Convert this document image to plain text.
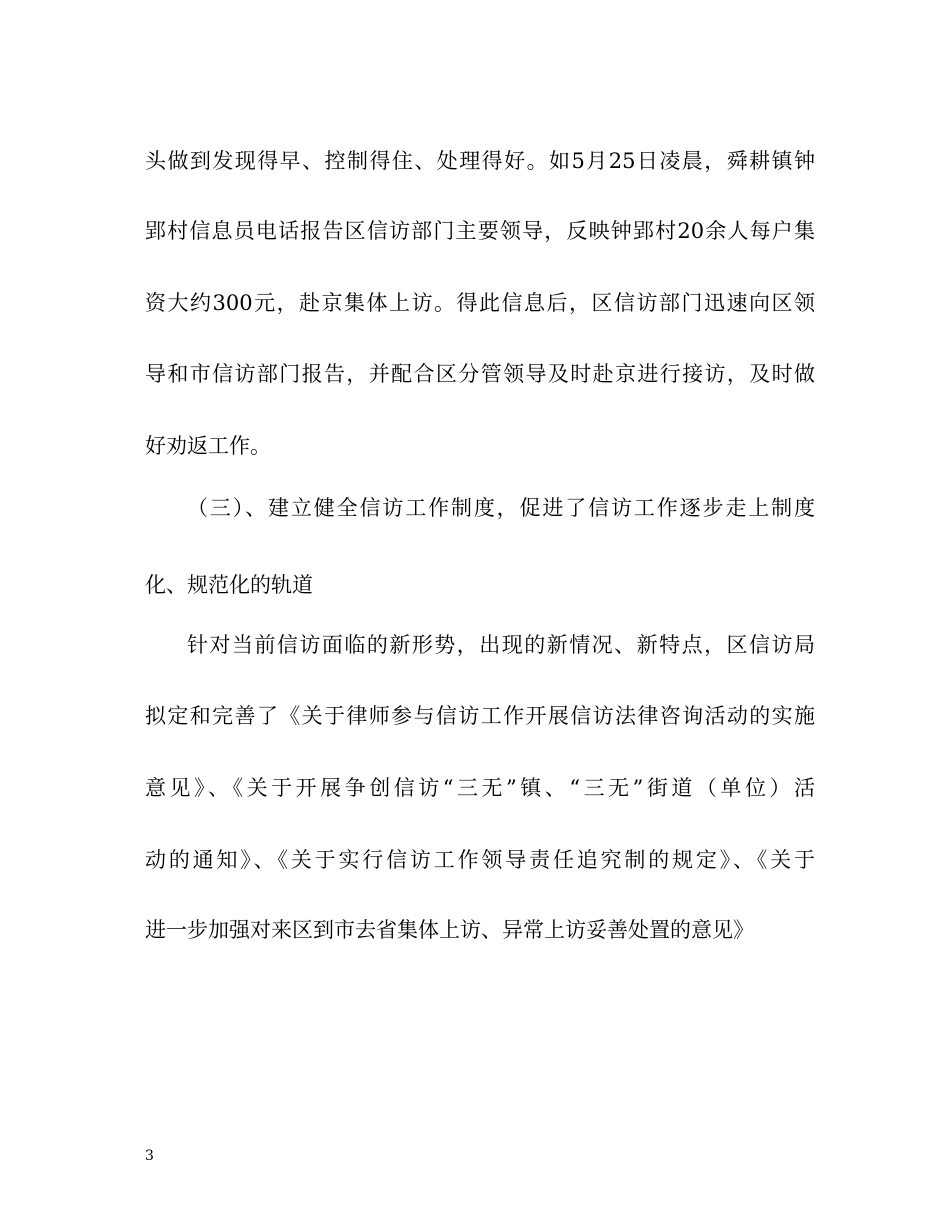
头做到发现得早、控制得住、处理得好。如5月25日凌晨，舜耕镇钟
郢村信息员电话报告区信访部门主要领导，反映钟郢村20余人每户集
资大约300元，赴京集体上访。得此信息后，区信访部门迅速向区领
导和市信访部门报告，并配合区分管领导及时赴京进行接访，及时做
好劝返工作。
（三）、建立健全信访工作制度，促进了信访工作逐步走上制度
化、规范化的轨道
针对当前信访面临的新形势，出现的新情况、新特点，区信访局
拟定和完善了《关于律师参与信访工作开展信访法律咨询活动的实施
意见》、《关于开展争创信访“三无”镇、“三无”街道（单位）活
动的通知》、《关于实行信访工作领导责任追究制的规定》、《关于
进一步加强对来区到市去省集体上访、异常上访妥善处置的意见》
3
